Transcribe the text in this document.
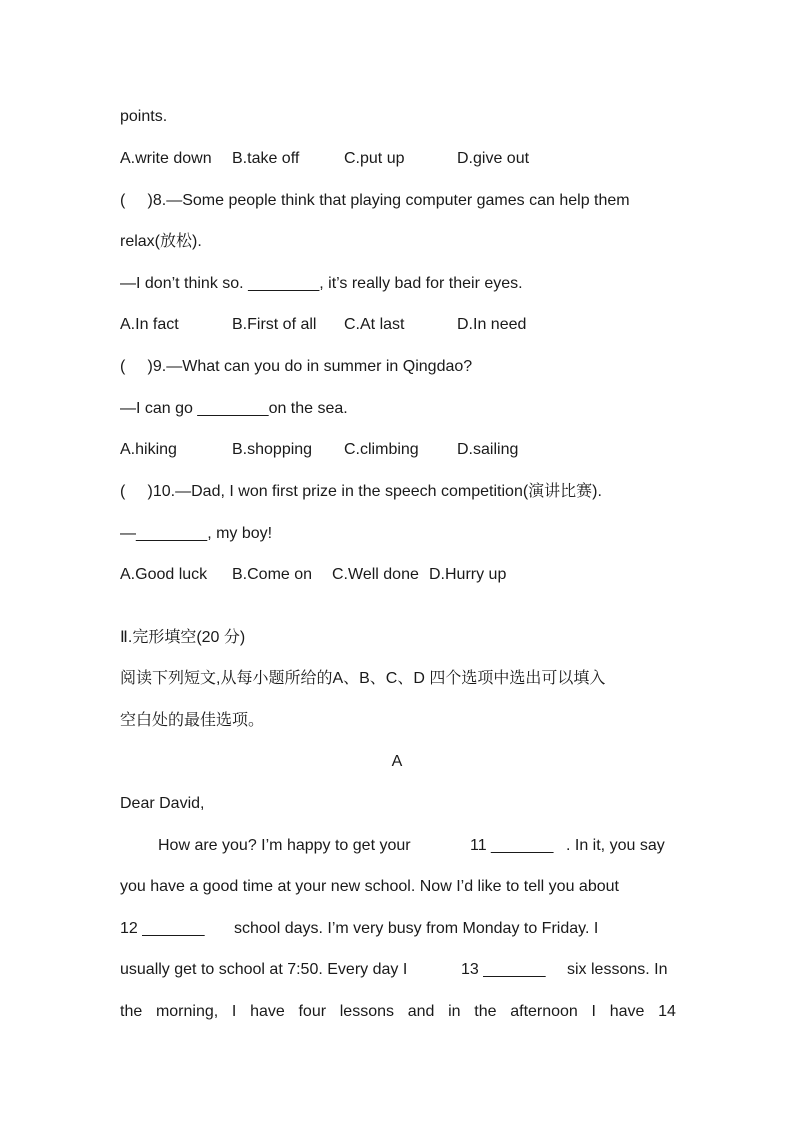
points.
A.write down B.take off	C.put up	D.give out
(     )8.—Some people think that playing computer games can help them
relax(放松).
—I don’t think so. ________, it’s really bad for their eyes.
A.In fact	B.First of all C.At last	D.In need
(     )9.—What can you do in summer in Qingdao?
—I can go ________on the sea.
A.hiking	B.shopping C.climbing D.sailing
(     )10.—Dad, I won first prize in the speech competition(演讲比赛).
—________, my boy!
A.Good luck B.Come on C.Well done D.Hurry up
Ⅱ.完形填空(20 分)
阅读下列短文,从每小题所给的A、B、C、D 四个选项中选出可以填入
空白处的最佳选项。
A
Dear David,
How are you? I’m happy to get your	11 _______ . In it, you say
you have a good time at your new school. Now I’d like to tell you about
12 _______ school days. I’m very busy from Monday to Friday. I
usually get to school at 7:50. Every day I	13 _______ six lessons. In
the morning, I have four lessons and in the afternoon I have 14
